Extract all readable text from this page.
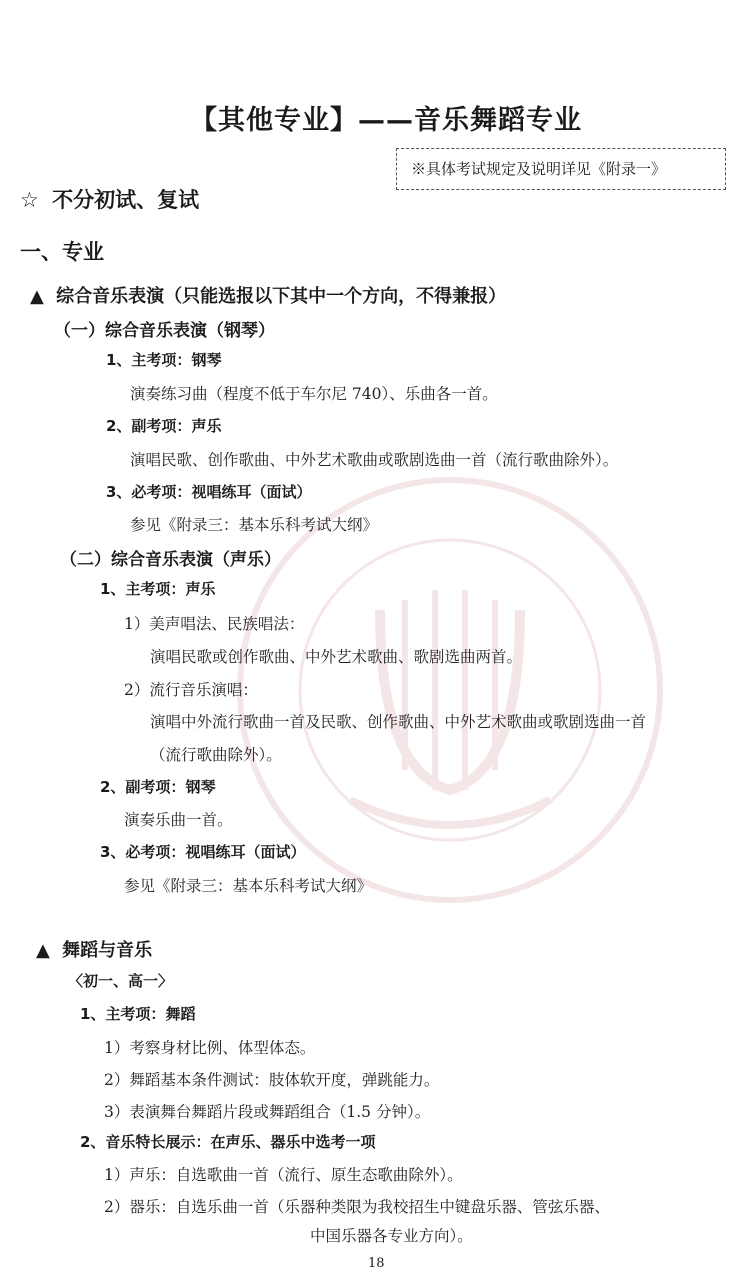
【其他专业】——音乐舞蹈专业
※具体考试规定及说明详见《附录一》
☆ 不分初试、复试
一、专业
▲ 综合音乐表演（只能选报以下其中一个方向，不得兼报）
（一）综合音乐表演（钢琴）
1、主考项：钢琴
演奏练习曲（程度不低于车尔尼 740）、乐曲各一首。
2、副考项：声乐
演唱民歌、创作歌曲、中外艺术歌曲或歌剧选曲一首（流行歌曲除外）。
3、必考项：视唱练耳（面试）
参见《附录三：基本乐科考试大纲》
（二）综合音乐表演（声乐）
1、主考项：声乐
1）美声唱法、民族唱法：
演唱民歌或创作歌曲、中外艺术歌曲、歌剧选曲两首。
2）流行音乐演唱：
演唱中外流行歌曲一首及民歌、创作歌曲、中外艺术歌曲或歌剧选曲一首
（流行歌曲除外）。
2、副考项：钢琴
演奏乐曲一首。
3、必考项：视唱练耳（面试）
参见《附录三：基本乐科考试大纲》
▲ 舞蹈与音乐
〈初一、高一〉
1、主考项：舞蹈
1）考察身材比例、体型体态。
2）舞蹈基本条件测试：肢体软开度，弹跳能力。
3）表演舞台舞蹈片段或舞蹈组合（1.5 分钟）。
2、音乐特长展示：在声乐、器乐中选考一项
1）声乐：自选歌曲一首（流行、原生态歌曲除外）。
2）器乐：自选乐曲一首（乐器种类限为我校招生中键盘乐器、管弦乐器、
中国乐器各专业方向）。
18
